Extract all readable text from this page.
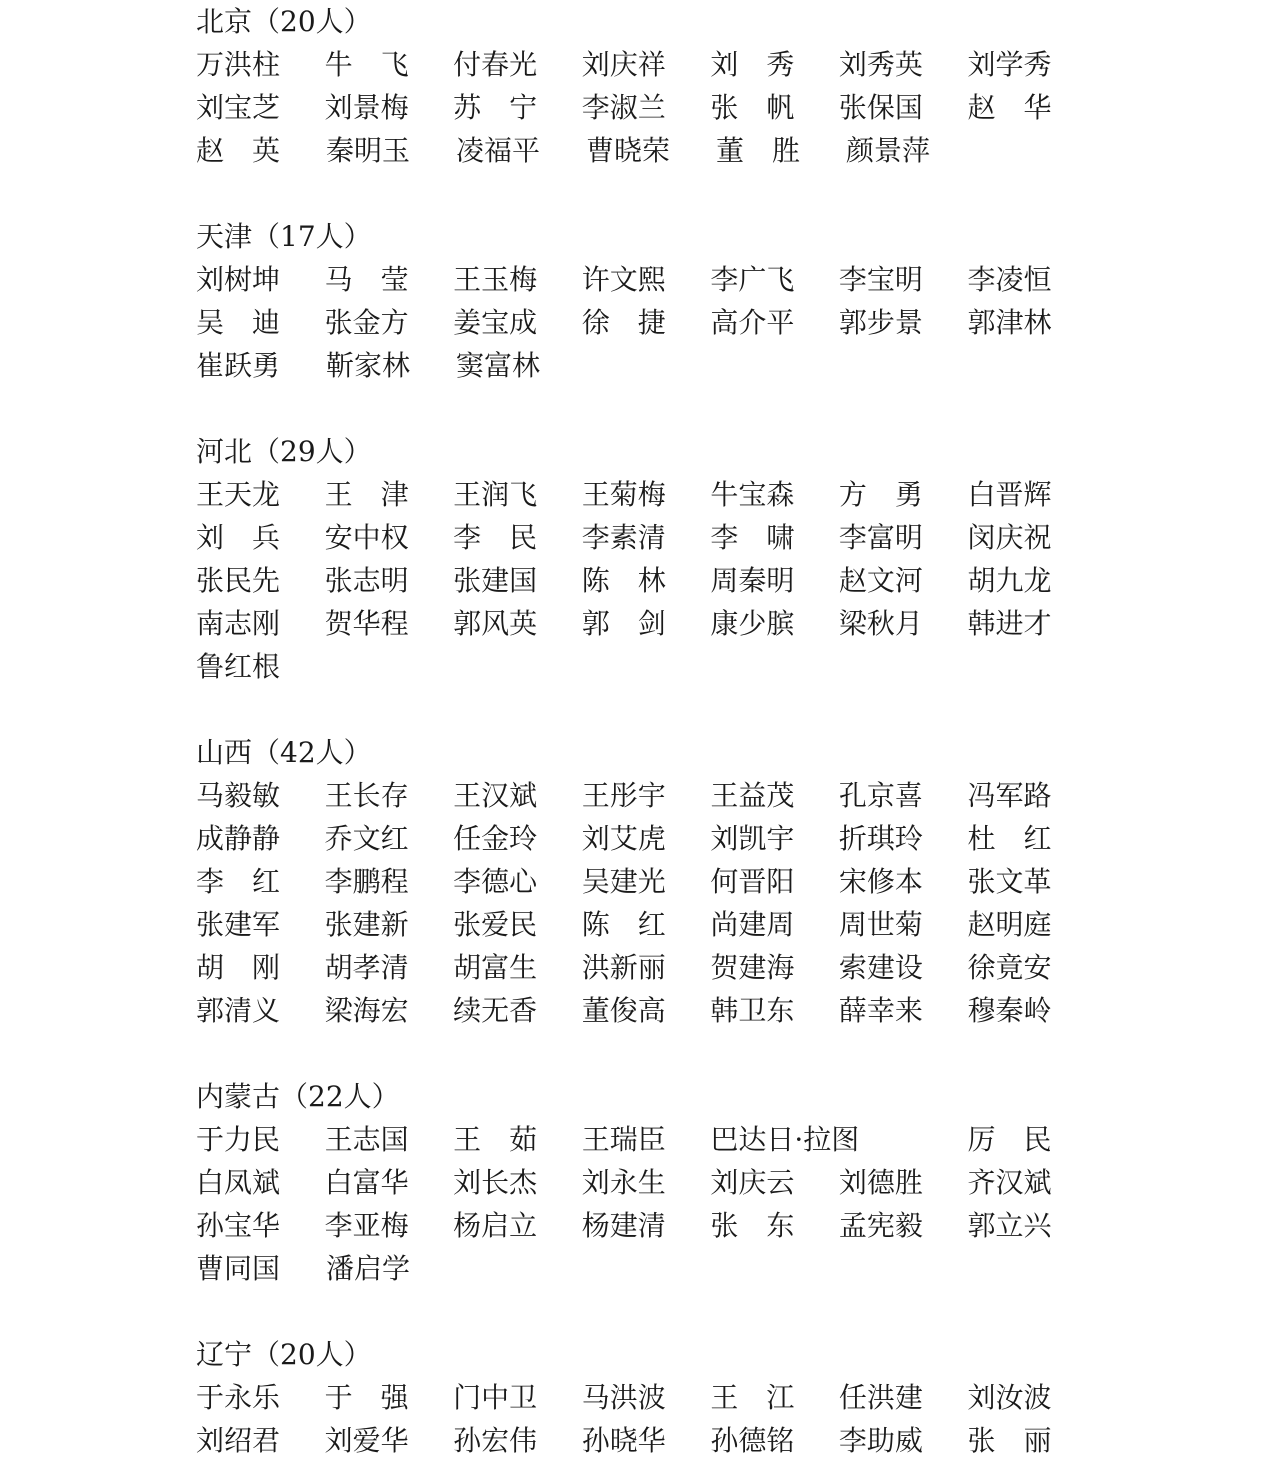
北京（20人）
万洪柱	牛　飞	付春光	刘庆祥	刘　秀	刘秀英	刘学秀
刘宝芝	刘景梅	苏　宁	李淑兰	张　帆	张保国	赵　华
赵　英	秦明玉	凌福平	曹晓荣	董　胜	颜景萍
天津（17人）
刘树坤	马　莹	王玉梅	许文熙	李广飞	李宝明	李凌恒
吴　迪	张金方	姜宝成	徐　捷	高介平	郭步景	郭津林
崔跃勇	靳家林	窦富林
河北（29人）
王天龙	王　津	王润飞	王菊梅	牛宝森	方　勇	白晋辉
刘　兵	安中权	李　民	李素清	李　啸	李富明	闵庆祝
张民先	张志明	张建国	陈　林	周秦明	赵文河	胡九龙
南志刚	贺华程	郭风英	郭　剑	康少膑	梁秋月	韩进才
鲁红根
山西（42人）
马毅敏	王长存	王汉斌	王彤宇	王益茂	孔京喜	冯军路
成静静	乔文红	任金玲	刘艾虎	刘凯宇	折琪玲	杜　红
李　红	李鹏程	李德心	吴建光	何晋阳	宋修本	张文革
张建军	张建新	张爱民	陈　红	尚建周	周世菊	赵明庭
胡　刚	胡孝清	胡富生	洪新丽	贺建海	索建设	徐竟安
郭清义	梁海宏	续无香	董俊高	韩卫东	薛幸来	穆秦岭
内蒙古（22人）
于力民	王志国	王　茹	王瑞臣	巴达日·拉图	厉　民
白凤斌	白富华	刘长杰	刘永生	刘庆云	刘德胜	齐汉斌
孙宝华	李亚梅	杨启立	杨建清	张　东	孟宪毅	郭立兴
曹同国	潘启学
辽宁（20人）
于永乐	于　强	门中卫	马洪波	王　江	任洪建	刘汝波
刘绍君	刘爱华	孙宏伟	孙晓华	孙德铭	李助威	张　丽
